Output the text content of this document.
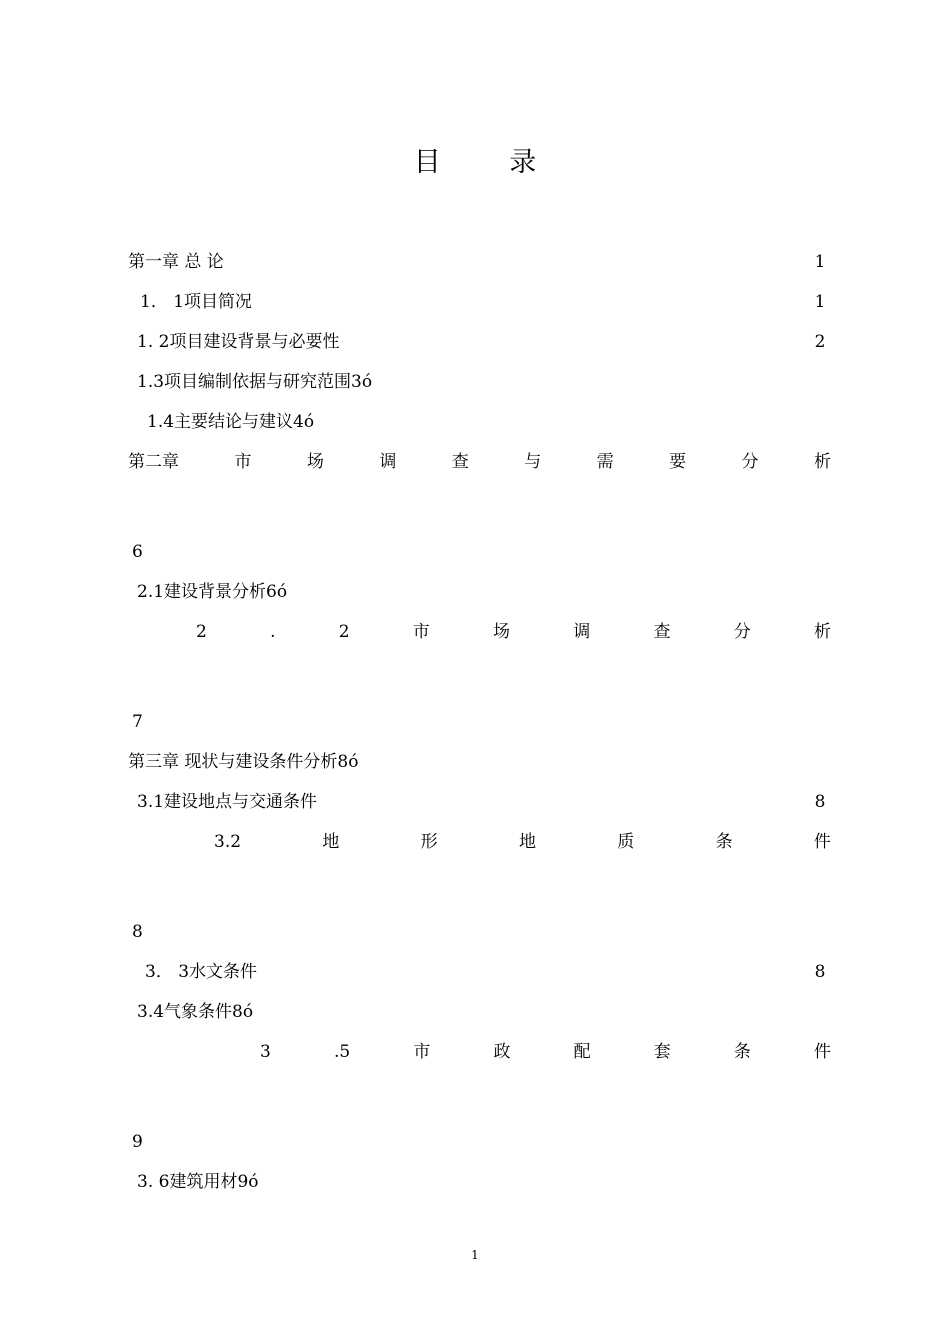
目	录
第一章 总 论	1
1． 1项目简况	1
1. 2项目建设背景与必要性	2
1.3项目编制依据与研究范围3ó
1.4主要结论与建议4ó
第二章	市	场	调	查	与	需	要	分	析
6
2.1建设背景分析6ó
2	.	2	市	场	调	查	分	析
7
第三章 现状与建设条件分析8ó
3.1建设地点与交通条件	8
3.2	地	形	地	质	条	件
8
3． 3水文条件	8
3.4气象条件8ó
3	.5	市	政	配	套	条	件
9
3. 6建筑用材9ó
1
